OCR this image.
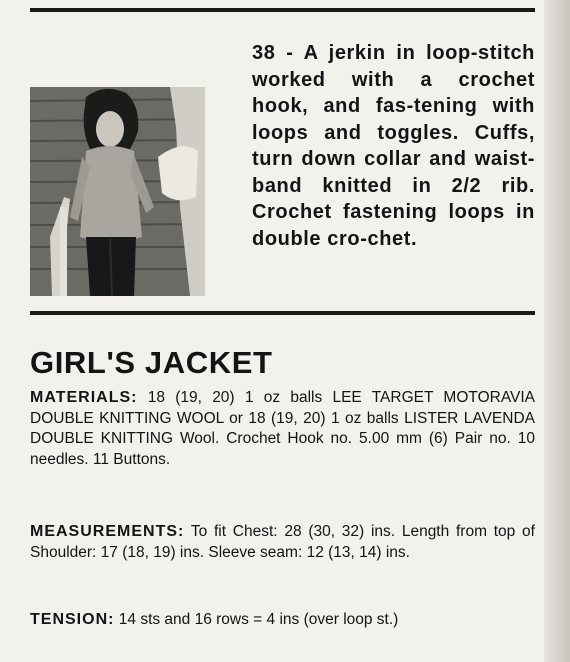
38 - A jerkin in loop-stitch worked with a crochet hook, and fas-tening with loops and toggles. Cuffs, turn down collar and waist-band knitted in 2/2 rib. Crochet fastening loops in double cro-chet.

GIRL'S JACKET

MATERIALS: 18 (19, 20) 1 oz balls LEE TARGET MOTORAVIA DOUBLE KNITTING WOOL or 18 (19, 20) 1 oz balls LISTER LAVENDA DOUBLE KNITTING Wool. Crochet Hook no. 5.00 mm (6) Pair no. 10 needles. 11 Buttons.

MEASUREMENTS: To fit Chest: 28 (30, 32) ins. Length from top of Shoulder: 17 (18, 19) ins. Sleeve seam: 12 (13, 14) ins.

TENSION: 14 sts and 16 rows = 4 ins (over loop st.)
